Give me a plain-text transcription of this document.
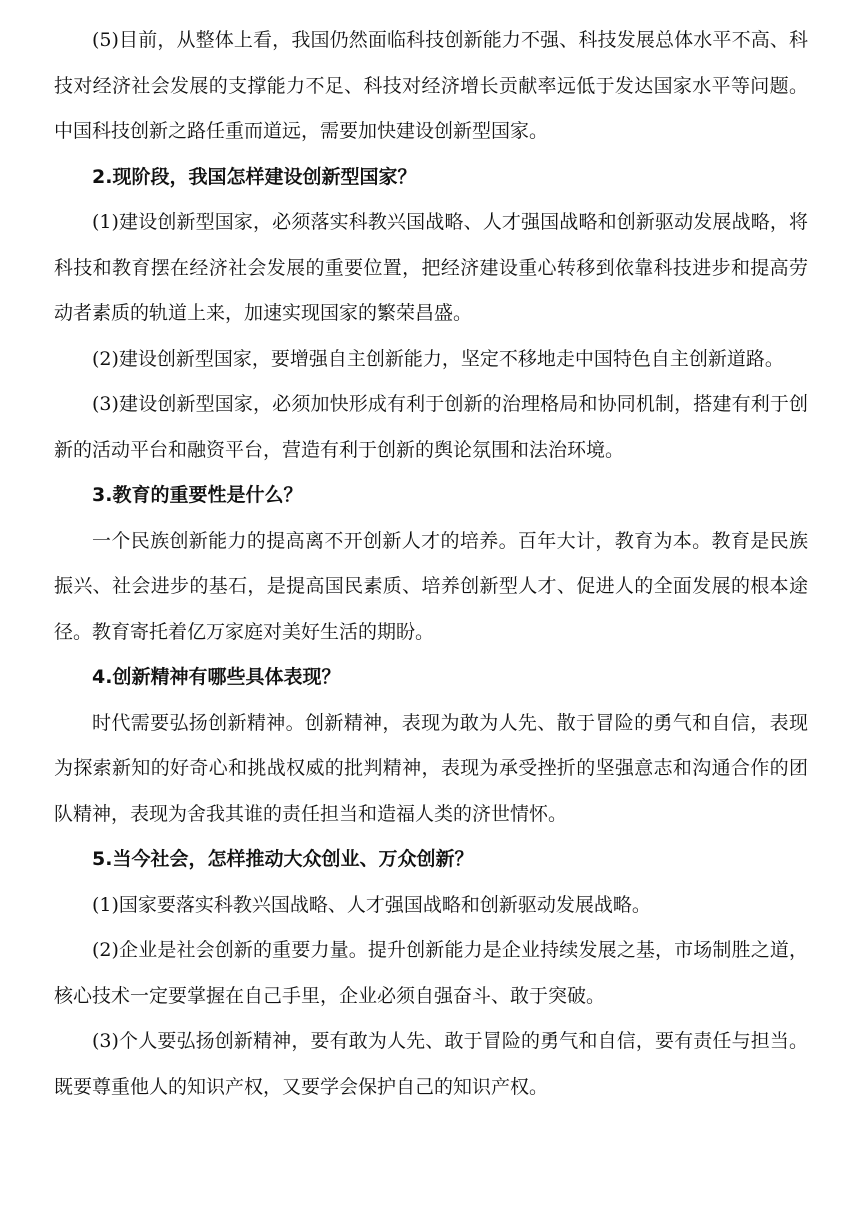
(5)目前，从整体上看，我国仍然面临科技创新能力不强、科技发展总体水平不高、科技对经济社会发展的支撑能力不足、科技对经济增长贡献率远低于发达国家水平等问题。中国科技创新之路任重而道远，需要加快建设创新型国家。

2.现阶段，我国怎样建设创新型国家？

(1)建设创新型国家，必须落实科教兴国战略、人才强国战略和创新驱动发展战略，将科技和教育摆在经济社会发展的重要位置，把经济建设重心转移到依靠科技进步和提高劳动者素质的轨道上来，加速实现国家的繁荣昌盛。

(2)建设创新型国家，要增强自主创新能力，坚定不移地走中国特色自主创新道路。

(3)建设创新型国家，必须加快形成有利于创新的治理格局和协同机制，搭建有利于创新的活动平台和融资平台，营造有利于创新的舆论氛围和法治环境。

3.教育的重要性是什么？

一个民族创新能力的提高离不开创新人才的培养。百年大计，教育为本。教育是民族振兴、社会进步的基石，是提高国民素质、培养创新型人才、促进人的全面发展的根本途径。教育寄托着亿万家庭对美好生活的期盼。

4.创新精神有哪些具体表现？

时代需要弘扬创新精神。创新精神，表现为敢为人先、散于冒险的勇气和自信，表现为探索新知的好奇心和挑战权威的批判精神，表现为承受挫折的坚强意志和沟通合作的团队精神，表现为舍我其谁的责任担当和造福人类的济世情怀。

5.当今社会，怎样推动大众创业、万众创新？

(1)国家要落实科教兴国战略、人才强国战略和创新驱动发展战略。

(2)企业是社会创新的重要力量。提升创新能力是企业持续发展之基，市场制胜之道，核心技术一定要掌握在自己手里，企业必须自强奋斗、敢于突破。

(3)个人要弘扬创新精神，要有敢为人先、敢于冒险的勇气和自信，要有责任与担当。既要尊重他人的知识产权，又要学会保护自己的知识产权。
